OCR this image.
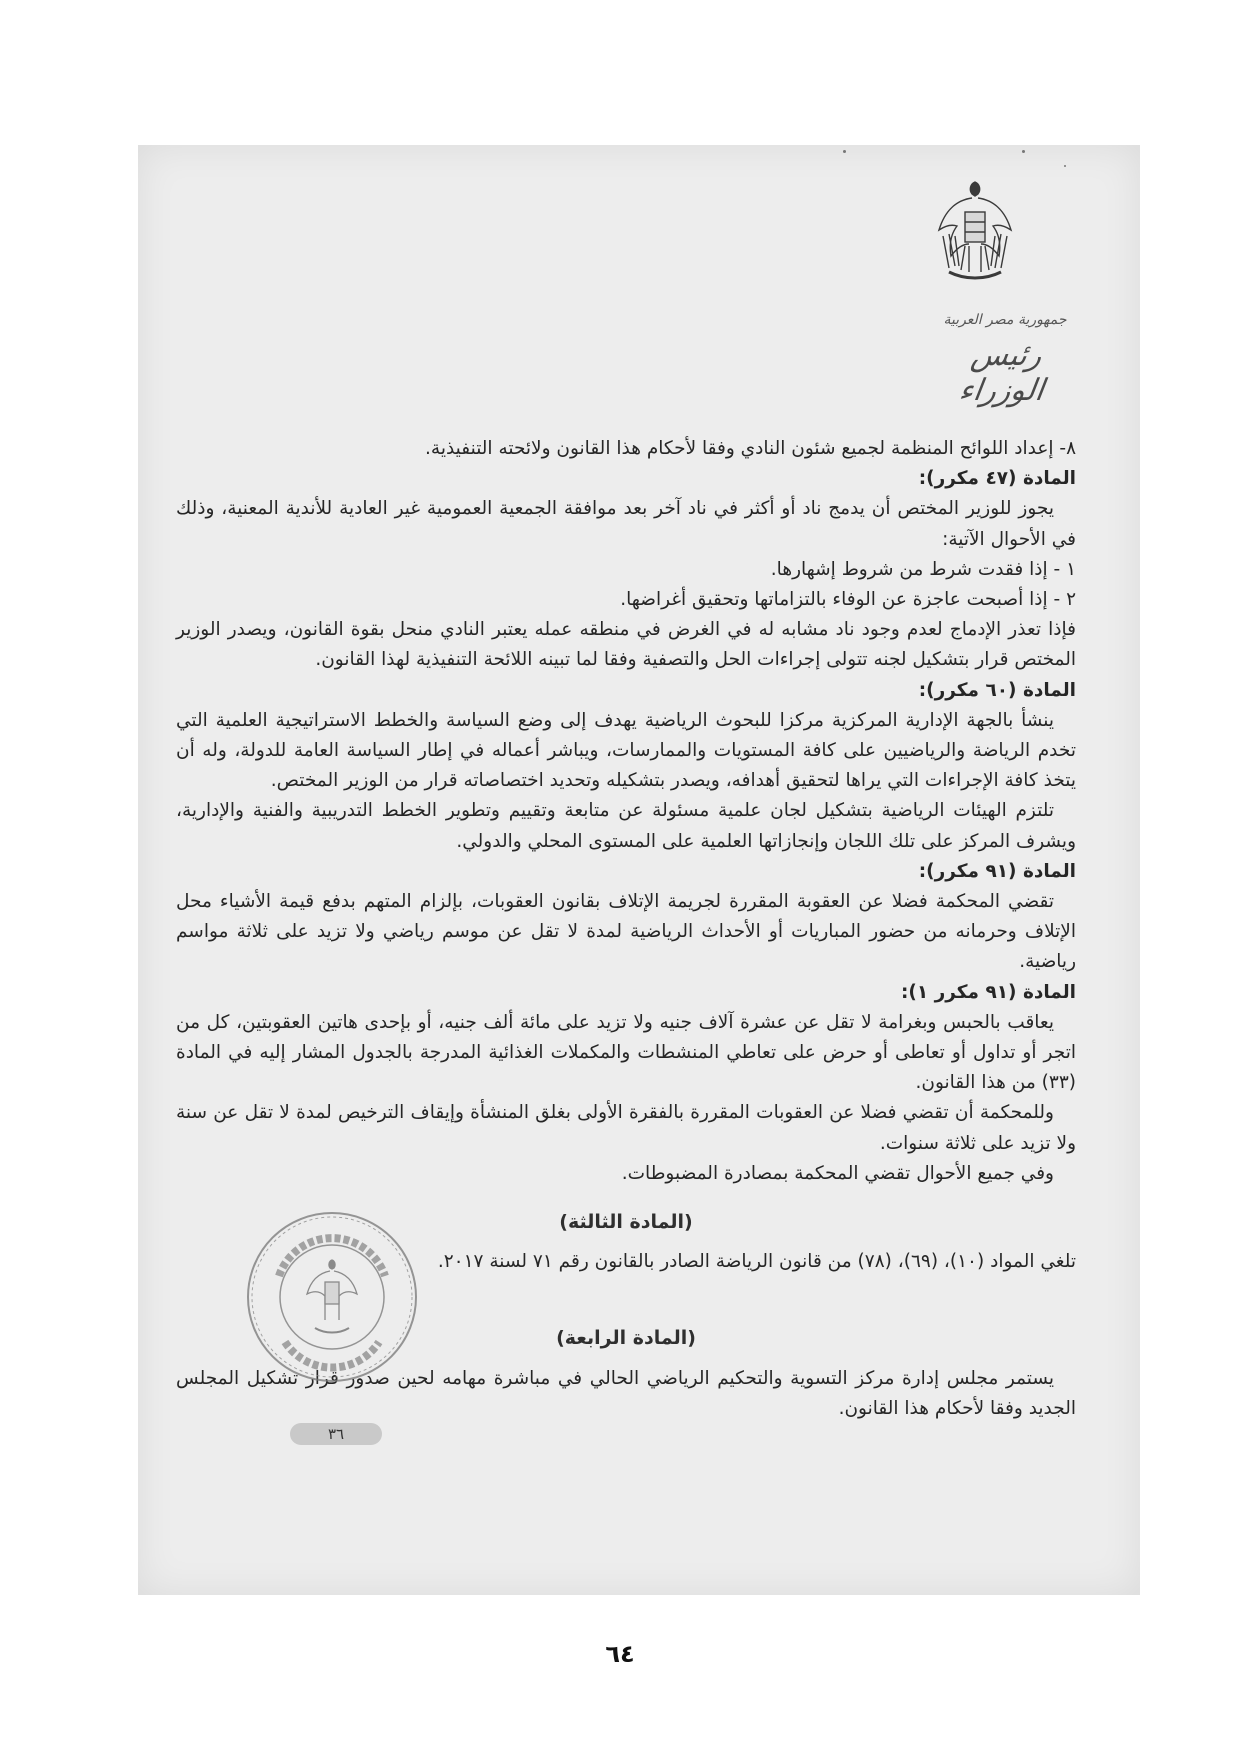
جمهورية مصر العربية
رئيس الوزراء

٨- إعداد اللوائح المنظمة لجميع شئون النادي وفقا لأحكام هذا القانون ولائحته التنفيذية.

المادة (٤٧ مكرر):

يجوز للوزير المختص أن يدمج ناد أو أكثر في ناد آخر بعد موافقة الجمعية العمومية غير العادية للأندية المعنية، وذلك في الأحوال الآتية:

١ - إذا فقدت شرط من شروط إشهارها.

٢ - إذا أصبحت عاجزة عن الوفاء بالتزاماتها وتحقيق أغراضها.

فإذا تعذر الإدماج لعدم وجود ناد مشابه له في الغرض في منطقه عمله يعتبر النادي منحل بقوة القانون، ويصدر الوزير المختص قرار بتشكيل لجنه تتولى إجراءات الحل والتصفية وفقا لما تبينه اللائحة التنفيذية لهذا القانون.

المادة (٦٠ مكرر):

ينشأ بالجهة الإدارية المركزية مركزا للبحوث الرياضية يهدف إلى وضع السياسة والخطط الاستراتيجية العلمية التي تخدم الرياضة والرياضيين على كافة المستويات والممارسات، ويباشر أعماله في إطار السياسة العامة للدولة، وله أن يتخذ كافة الإجراءات التي يراها لتحقيق أهدافه، ويصدر بتشكيله وتحديد اختصاصاته قرار من الوزير المختص.

تلتزم الهيئات الرياضية بتشكيل لجان علمية مسئولة عن متابعة وتقييم وتطوير الخطط التدريبية والفنية والإدارية، ويشرف المركز على تلك اللجان وإنجازاتها العلمية على المستوى المحلي والدولي.

المادة (٩١ مكرر):

تقضي المحكمة فضلا عن العقوبة المقررة لجريمة الإتلاف بقانون العقوبات، بإلزام المتهم بدفع قيمة الأشياء محل الإتلاف وحرمانه من حضور المباريات أو الأحداث الرياضية لمدة لا تقل عن موسم رياضي ولا تزيد على ثلاثة مواسم رياضية.

المادة (٩١ مكرر ١):

يعاقب بالحبس وبغرامة لا تقل عن عشرة آلاف جنيه ولا تزيد على مائة ألف جنيه، أو بإحدى هاتين العقوبتين، كل من اتجر أو تداول أو تعاطى أو حرض على تعاطي المنشطات والمكملات الغذائية المدرجة بالجدول المشار إليه في المادة (٣٣) من هذا القانون.

وللمحكمة أن تقضي فضلا عن العقوبات المقررة بالفقرة الأولى بغلق المنشأة وإيقاف الترخيص لمدة لا تقل عن سنة ولا تزيد على ثلاثة سنوات.

وفي جميع الأحوال تقضي المحكمة بمصادرة المضبوطات.

(المادة الثالثة)

تلغي المواد (١٠)، (٦٩)، (٧٨) من قانون الرياضة الصادر بالقانون رقم ٧١ لسنة ٢٠١٧.

(المادة الرابعة)

يستمر مجلس إدارة مركز التسوية والتحكيم الرياضي الحالي في مباشرة مهامه لحين صدور قرار تشكيل المجلس الجديد وفقا لأحكام هذا القانون.

٣٦
٦٤
